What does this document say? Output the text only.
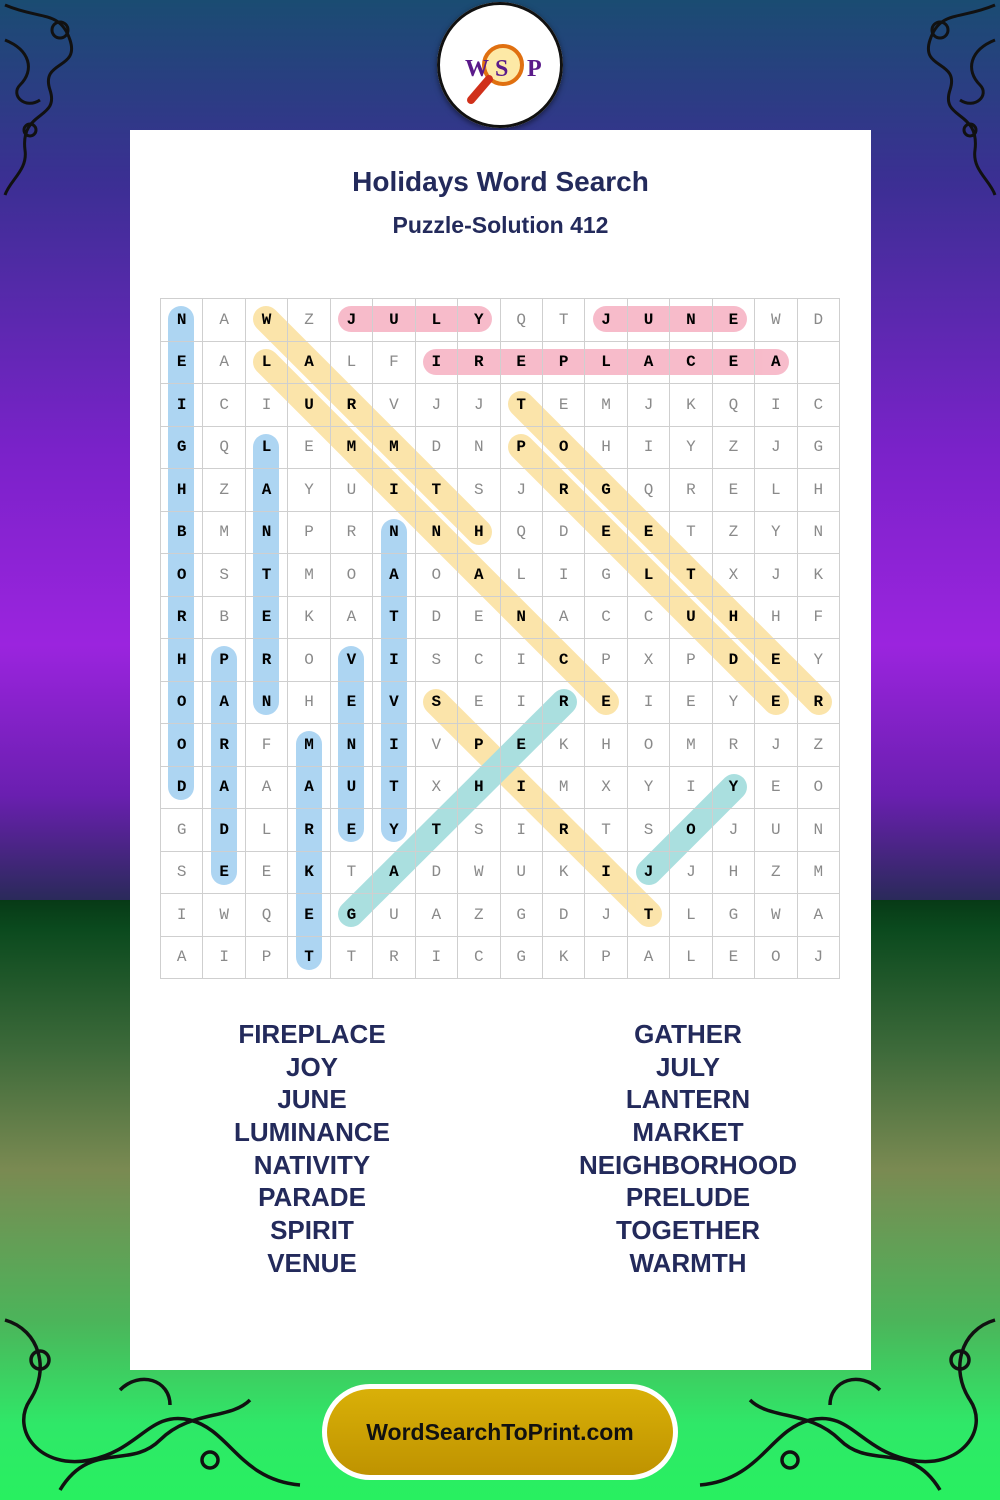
W S P
Holidays Word Search
Puzzle-Solution 412
N	A	W	Z	J	U	L	Y	Q	T	J	U	N	E	W	D
E	A	L	A	L	F	I	R	E	P	L	A	C	E	A	
I	C	I	U	R	V	J	J	T	E	M	J	K	Q	I	C
G	Q	L	E	M	M	D	N	P	O	H	I	Y	Z	J	G
H	Z	A	Y	U	I	T	S	J	R	G	Q	R	E	L	H
B	M	N	P	R	N	N	H	Q	D	E	E	T	Z	Y	N
O	S	T	M	O	A	O	A	L	I	G	L	T	X	J	K
R	B	E	K	A	T	D	E	N	A	C	C	U	H	H	F
H	P	R	O	V	I	S	C	I	C	P	X	P	D	E	Y
O	A	N	H	E	V	S	E	I	R	E	I	E	Y	E	R
O	R	F	M	N	I	V	P	E	K	H	O	M	R	J	Z
D	A	A	A	U	T	X	H	I	M	X	Y	I	Y	E	O
G	D	L	R	E	Y	T	S	I	R	T	S	O	J	U	N
S	E	E	K	T	A	D	W	U	K	I	J	J	H	Z	M
I	W	Q	E	G	U	A	Z	G	D	J	T	L	G	W	A
A	I	P	T	T	R	I	C	G	K	P	A	L	E	O	J
FIREPLACE
JOY
JUNE
LUMINANCE
NATIVITY
PARADE
SPIRIT
VENUE
GATHER
JULY
LANTERN
MARKET
NEIGHBORHOOD
PRELUDE
TOGETHER
WARMTH
WordSearchToPrint.com
